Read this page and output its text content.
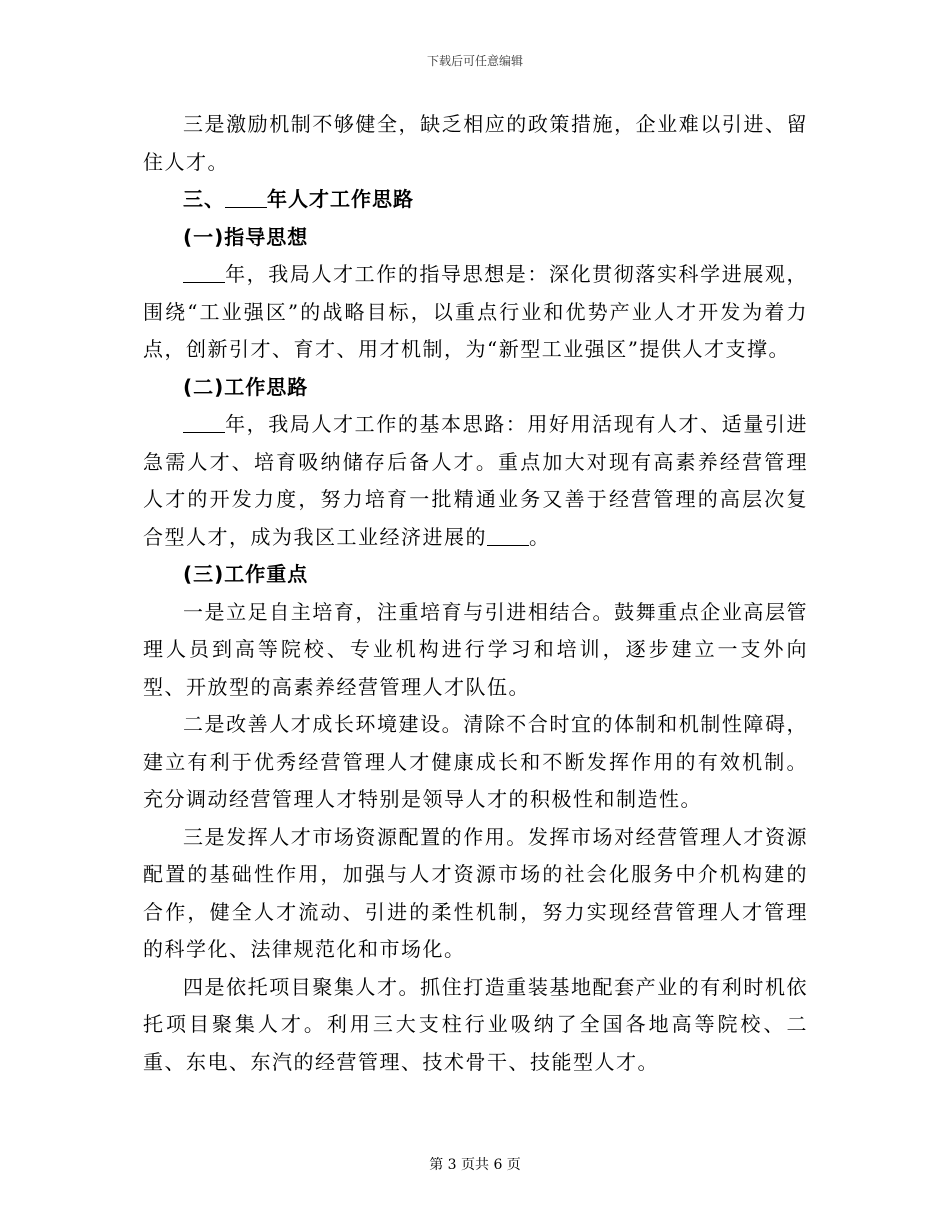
下载后可任意编辑

三是激励机制不够健全，缺乏相应的政策措施，企业难以引进、留住人才。

三、 年人才工作思路

(一)指导思想

年，我局人才工作的指导思想是：深化贯彻落实科学进展观，围绕“工业强区”的战略目标，以重点行业和优势产业人才开发为着力点，创新引才、育才、用才机制，为“新型工业强区”提供人才支撑。

(二)工作思路

年，我局人才工作的基本思路：用好用活现有人才、适量引进急需人才、培育吸纳储存后备人才。重点加大对现有高素养经营管理人才的开发力度，努力培育一批精通业务又善于经营管理的高层次复合型人才，成为我区工业经济进展的 。

(三)工作重点

一是立足自主培育，注重培育与引进相结合。鼓舞重点企业高层管理人员到高等院校、专业机构进行学习和培训，逐步建立一支外向型、开放型的高素养经营管理人才队伍。

二是改善人才成长环境建设。清除不合时宜的体制和机制性障碍，建立有利于优秀经营管理人才健康成长和不断发挥作用的有效机制。充分调动经营管理人才特别是领导人才的积极性和制造性。

三是发挥人才市场资源配置的作用。发挥市场对经营管理人才资源配置的基础性作用，加强与人才资源市场的社会化服务中介机构建的合作，健全人才流动、引进的柔性机制，努力实现经营管理人才管理的科学化、法律规范化和市场化。

四是依托项目聚集人才。抓住打造重装基地配套产业的有利时机依托项目聚集人才。利用三大支柱行业吸纳了全国各地高等院校、二重、东电、东汽的经营管理、技术骨干、技能型人才。

第 3 页共 6 页
